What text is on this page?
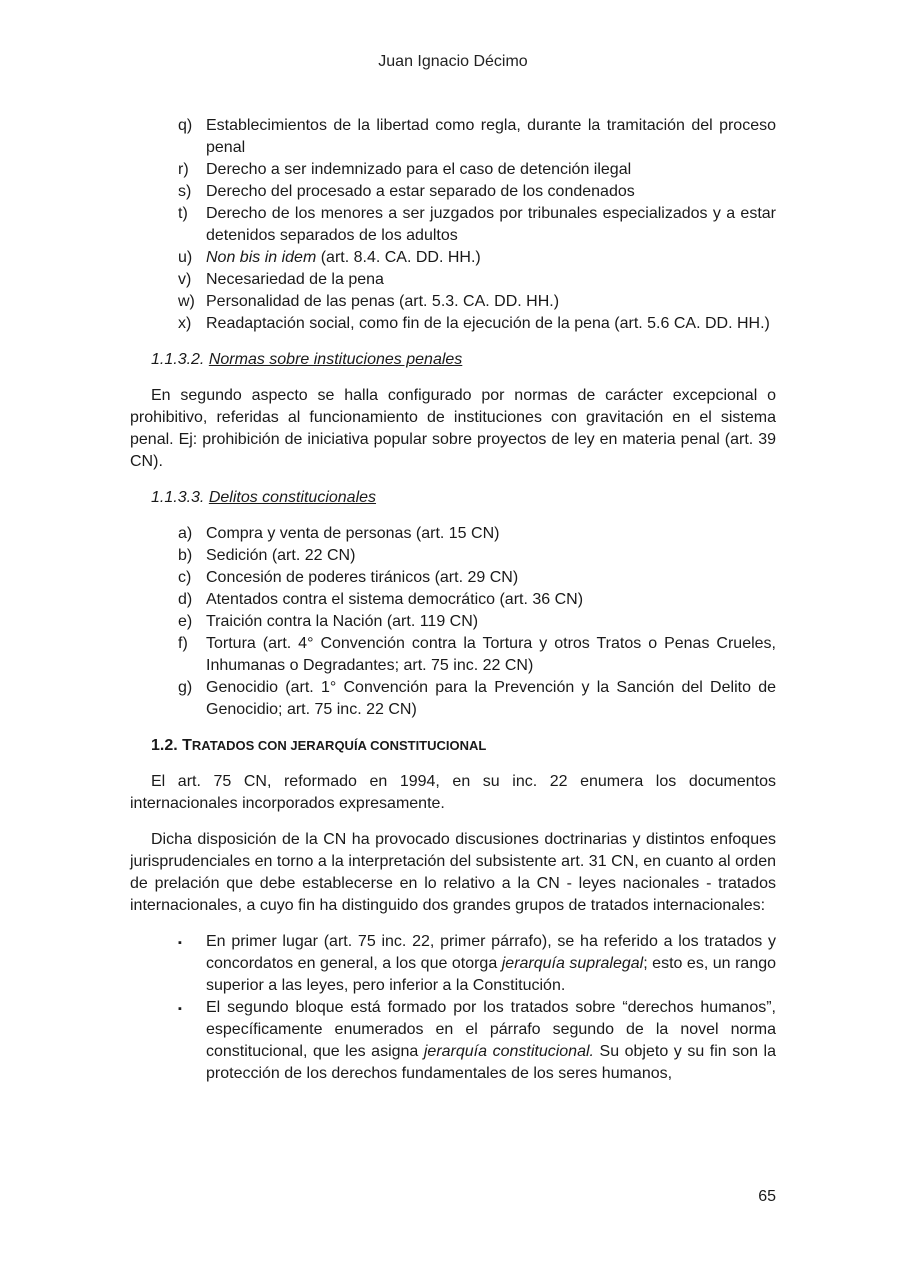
Juan Ignacio Décimo
q) Establecimientos de la libertad como regla, durante la tramitación del proceso penal
r) Derecho a ser indemnizado para el caso de detención ilegal
s) Derecho del procesado a estar separado de los condenados
t) Derecho de los menores a ser juzgados por tribunales especializados y a estar detenidos separados de los adultos
u) Non bis in idem (art. 8.4. CA. DD. HH.)
v) Necesariedad de la pena
w) Personalidad de las penas (art. 5.3. CA. DD. HH.)
x) Readaptación social, como fin de la ejecución de la pena (art. 5.6 CA. DD. HH.)
1.1.3.2. Normas sobre instituciones penales

En segundo aspecto se halla configurado por normas de carácter excepcional o prohibitivo, referidas al funcionamiento de instituciones con gravitación en el sistema penal. Ej: prohibición de iniciativa popular sobre proyectos de ley en materia penal (art. 39 CN).

1.1.3.3. Delitos constitucionales
a) Compra y venta de personas (art. 15 CN)
b) Sedición (art. 22 CN)
c) Concesión de poderes tiránicos (art. 29 CN)
d) Atentados contra el sistema democrático (art. 36 CN)
e) Traición contra la Nación (art. 119 CN)
f) Tortura (art. 4° Convención contra la Tortura y otros Tratos o Penas Crueles, Inhumanas o Degradantes; art. 75 inc. 22 CN)
g) Genocidio (art. 1° Convención para la Prevención y la Sanción del Delito de Genocidio; art. 75 inc. 22 CN)
1.2. TRATADOS CON JERARQUÍA CONSTITUCIONAL

El art. 75 CN, reformado en 1994, en su inc. 22 enumera los documentos internacionales incorporados expresamente.

Dicha disposición de la CN ha provocado discusiones doctrinarias y distintos enfoques jurisprudenciales en torno a la interpretación del subsistente art. 31 CN, en cuanto al orden de prelación que debe establecerse en lo relativo a la CN - leyes nacionales - tratados internacionales, a cuyo fin ha distinguido dos grandes grupos de tratados internacionales:

▪ En primer lugar (art. 75 inc. 22, primer párrafo), se ha referido a los tratados y concordatos en general, a los que otorga jerarquía supralegal; esto es, un rango superior a las leyes, pero inferior a la Constitución.
▪ El segundo bloque está formado por los tratados sobre “derechos humanos”, específicamente enumerados en el párrafo segundo de la novel norma constitucional, que les asigna jerarquía constitucional. Su objeto y su fin son la protección de los derechos fundamentales de los seres humanos,
65
